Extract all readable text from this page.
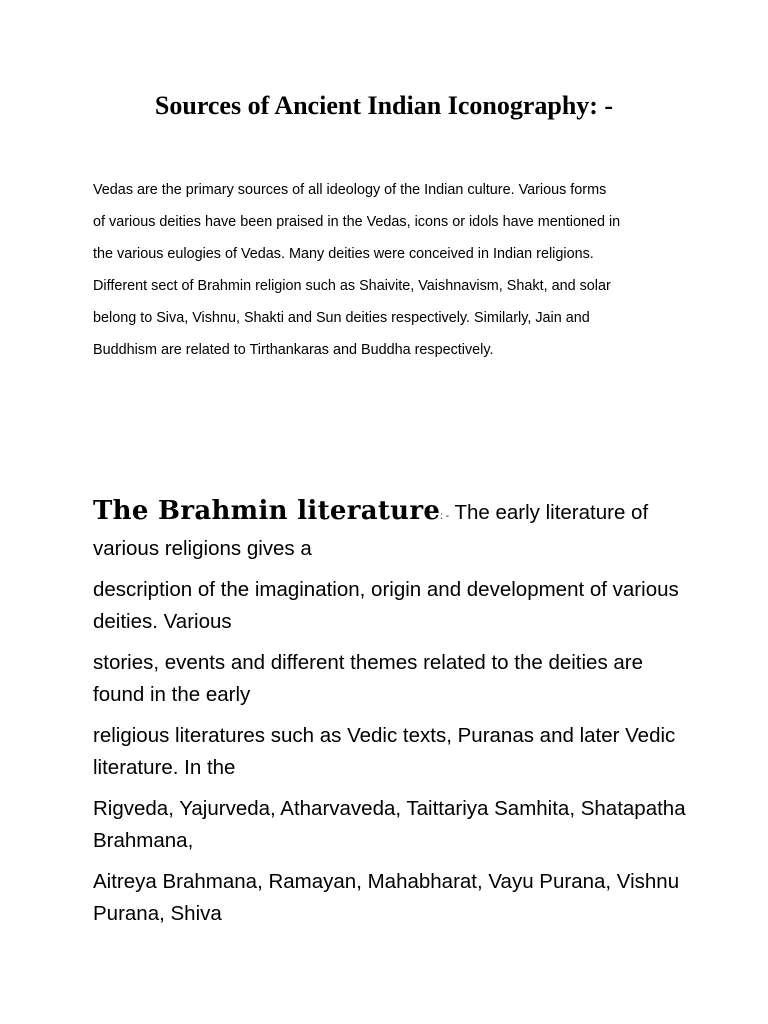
Sources of Ancient Indian Iconography: -

Vedas are the primary sources of all ideology of the Indian culture. Various forms

of various deities have been praised in the Vedas, icons or idols have mentioned in

the various eulogies of Vedas. Many deities were conceived in Indian religions.

Different sect of Brahmin religion such as Shaivite, Vaishnavism, Shakt, and solar

belong to Siva, Vishnu, Shakti and Sun deities respectively. Similarly, Jain and

Buddhism are related to Tirthankaras and Buddha respectively.

The Brahmin literature: - The early literature of various religions gives a

description of the imagination, origin and development of various deities. Various

stories, events and different themes related to the deities are found in the early

religious literatures such as Vedic texts, Puranas and later Vedic literature. In the

Rigveda, Yajurveda, Atharvaveda, Taittariya Samhita, Shatapatha Brahmana,

Aitreya Brahmana, Ramayan, Mahabharat, Vayu Purana, Vishnu Purana, Shiva
